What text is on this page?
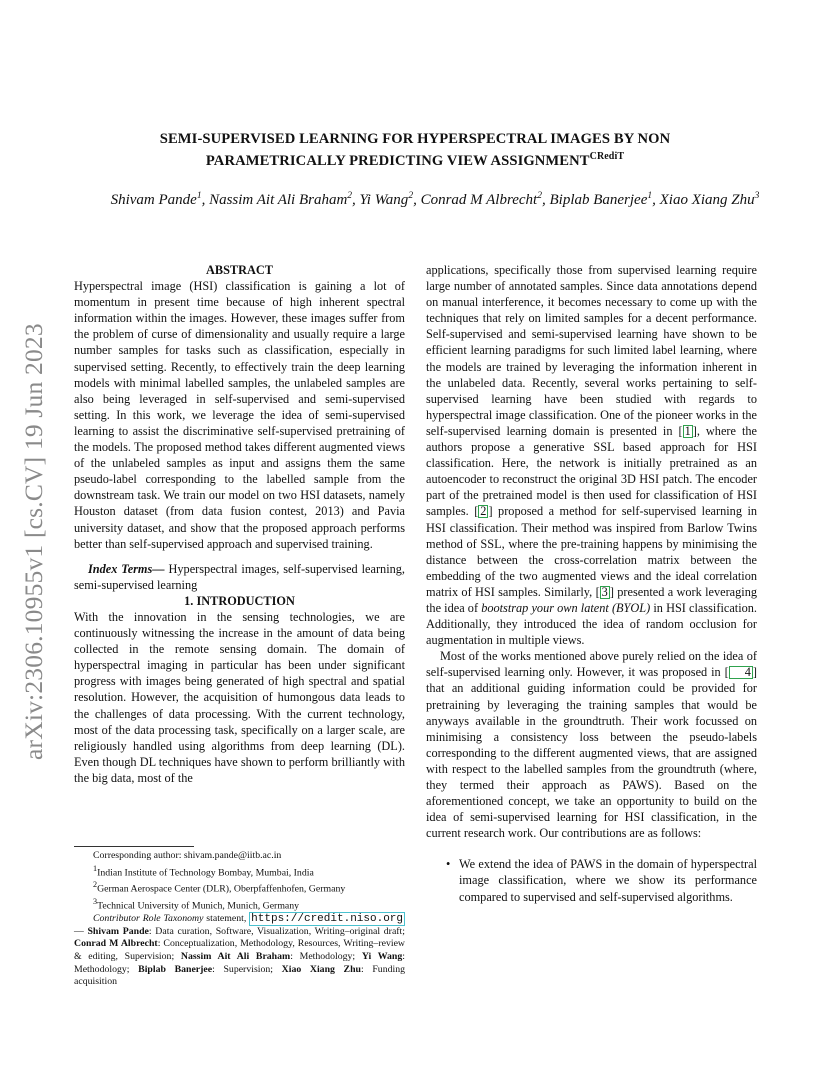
arXiv:2306.10955v1 [cs.CV] 19 Jun 2023
SEMI-SUPERVISED LEARNING FOR HYPERSPECTRAL IMAGES BY NON
PARAMETRICALLY PREDICTING VIEW $ASSIGNMENT^{CRediT}$
Shivam Pande$^1$, Nassim Ait Ali Braham$^2$, Yi Wang$^2$, Conrad M Albrecht$^2$, Biplab Banerjee$^1$, Xiao Xiang Zhu$^3$

ABSTRACT

Hyperspectral image (HSI) classification is gaining a lot of momentum in present time because of high inherent spectral information within the images. However, these images suffer from the problem of curse of dimensionality and usually require a large number samples for tasks such as classification, especially in supervised setting. Recently, to effectively train the deep learning models with minimal labelled samples, the unlabeled samples are also being leveraged in self-supervised and semi-supervised setting. In this work, we leverage the idea of semi-supervised learning to assist the discriminative self-supervised pretraining of the models. The proposed method takes different augmented views of the unlabeled samples as input and assigns them the same pseudo-label corresponding to the labelled sample from the downstream task. We train our model on two HSI datasets, namely Houston dataset (from data fusion contest, 2013) and Pavia university dataset, and show that the proposed approach performs better than self-supervised approach and supervised training.

Index Terms— Hyperspectral images, self-supervised learning, semi-supervised learning

1. INTRODUCTION

With the innovation in the sensing technologies, we are continuously witnessing the increase in the amount of data being collected in the remote sensing domain. The domain of hyperspectral imaging in particular has been under significant progress with images being generated of high spectral and spatial resolution. However, the acquisition of humongous data leads to the challenges of data processing. With the current technology, most of the data processing task, specifically on a larger scale, are religiously handled using algorithms from deep learning (DL). Even though DL techniques have shown to perform brilliantly with the big data, most of the

Corresponding author: shivam.pande@iitb.ac.in

$^1$Indian Institute of Technology Bombay, Mumbai, India

$^2$German Aerospace Center (DLR), Oberpfaffenhofen, Germany

$^3$Technical University of Munich, Munich, Germany

Contributor Role Taxonomy statement, https://credit.niso.org — Shivam Pande: Data curation, Software, Visualization, Writing–original draft; Conrad M Albrecht: Conceptualization, Methodology, Resources, Writing–review & editing, Supervision; Nassim Ait Ali Braham: Methodology; Yi Wang: Methodology; Biplab Banerjee: Supervision; Xiao Xiang Zhu: Funding acquisition

applications, specifically those from supervised learning require large number of annotated samples. Since data annotations depend on manual interference, it becomes necessary to come up with the techniques that rely on limited samples for a decent performance. Self-supervised and semi-supervised learning have shown to be efficient learning paradigms for such limited label learning, where the models are trained by leveraging the information inherent in the unlabeled data. Recently, several works pertaining to self-supervised learning have been studied with regards to hyperspectral image classification. One of the pioneer works in the self-supervised learning domain is presented in [ 1 ], where the authors propose a generative SSL based approach for HSI classification. Here, the network is initially pretrained as an autoencoder to reconstruct the original 3D HSI patch. The encoder part of the pretrained model is then used for classification of HSI samples. [ 2 ] proposed a method for self-supervised learning in HSI classification. Their method was inspired from Barlow Twins method of SSL, where the pre-training happens by minimising the distance between the cross-correlation matrix between the embedding of the two augmented views and the ideal correlation matrix of HSI samples. Similarly, [ 3 ] presented a work leveraging the idea of bootstrap your own latent (BYOL) in HSI classification. Additionally, they introduced the idea of random occlusion for augmentation in multiple views.

Most of the works mentioned above purely relied on the idea of self-supervised learning only. However, it was proposed in [ 4 ] that an additional guiding information could be provided for pretraining by leveraging the training samples that would be anyways available in the groundtruth. Their work focussed on minimising a consistency loss between the pseudo-labels corresponding to the different augmented views, that are assigned with respect to the labelled samples from the groundtruth (where, they termed their approach as PAWS). Based on the aforementioned concept, we take an opportunity to build on the idea of semi-supervised learning for HSI classification, in the current research work. Our contributions are as follows:

• We extend the idea of PAWS in the domain of hyperspectral image classification, where we show its performance compared to supervised and self-supervised algorithms.
